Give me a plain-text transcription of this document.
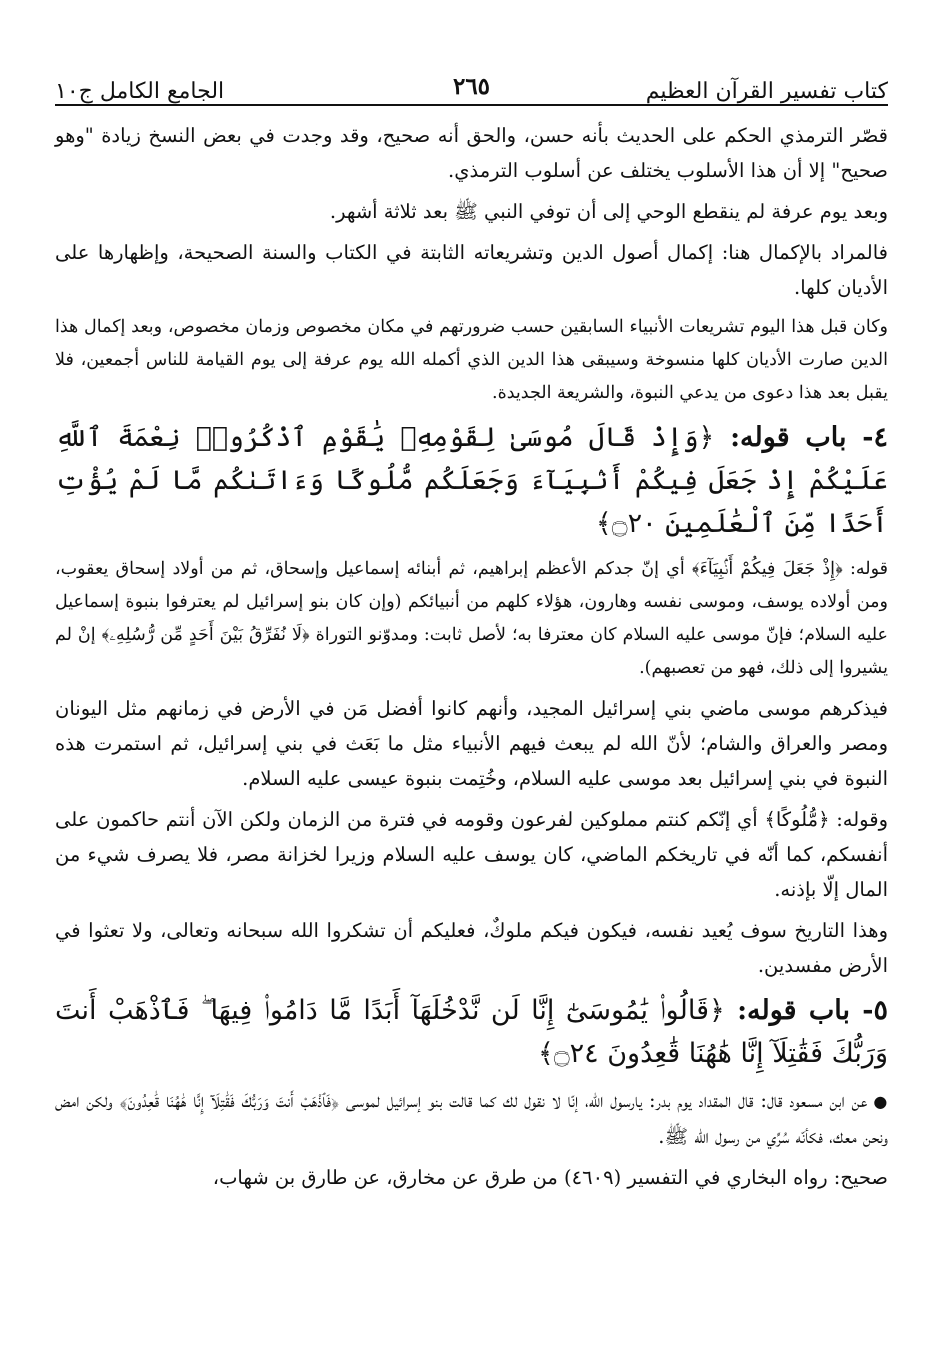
كتاب تفسير القرآن العظيم
٢٦٥
الجامع الكامل ج١٠

قصّر الترمذي الحكم على الحديث بأنه حسن، والحق أنه صحيح، وقد وجدت في بعض النسخ زيادة "وهو صحيح" إلا أن هذا الأسلوب يختلف عن أسلوب الترمذي.

وبعد يوم عرفة لم ينقطع الوحي إلى أن توفي النبي ﷺ بعد ثلاثة أشهر.

فالمراد بالإكمال هنا: إكمال أصول الدين وتشريعاته الثابتة في الكتاب والسنة الصحيحة، وإظهارها على الأديان كلها.

وكان قبل هذا اليوم تشريعات الأنبياء السابقين حسب ضرورتهم في مكان مخصوص وزمان مخصوص، وبعد إكمال هذا الدين صارت الأديان كلها منسوخة وسيبقى هذا الدين الذي أكمله الله يوم عرفة إلى يوم القيامة للناس أجمعين، فلا يقبل بعد هذا دعوى من يدعي النبوة، والشريعة الجديدة.

٤- باب قوله: ﴿وَإِذْ قَالَ مُوسَىٰ لِقَوْمِهِۦ يَٰقَوْمِ ٱذْكُرُوا۟ نِعْمَةَ ٱللَّهِ عَلَيْكُمْ إِذْ جَعَلَ فِيكُمْ أَنۢبِيَآءَ وَجَعَلَكُم مُّلُوكًا وَءَاتَىٰكُم مَّا لَمْ يُؤْتِ أَحَدًا مِّنَ ٱلْعَٰلَمِينَ ۝٢٠﴾

قوله: ﴿إِذْ جَعَلَ فِيكُمْ أَنۢبِيَآءَ﴾ أي إنّ جدكم الأعظم إبراهيم، ثم أبنائه إسماعيل وإسحاق، ثم من أولاد إسحاق يعقوب، ومن أولاده يوسف، وموسى نفسه وهارون، هؤلاء كلهم من أنبيائكم (وإن كان بنو إسرائيل لم يعترفوا بنبوة إسماعيل عليه السلام؛ فإنّ موسى عليه السلام كان معترفا به؛ لأصل ثابت: ومدوّنو التوراة ﴿لَا نُفَرِّقُ بَيْنَ أَحَدٍ مِّن رُّسُلِهِۦ﴾ إنْ لم يشيروا إلى ذلك، فهو من تعصبهم).

فيذكرهم موسى ماضي بني إسرائيل المجيد، وأنهم كانوا أفضل مَن في الأرض في زمانهم مثل اليونان ومصر والعراق والشام؛ لأنّ الله لم يبعث فيهم الأنبياء مثل ما بَعَث في بني إسرائيل، ثم استمرت هذه النبوة في بني إسرائيل بعد موسى عليه السلام، وخُتِمت بنبوة عيسى عليه السلام.

وقوله: ﴿مُّلُوكًا﴾ أي إنّكم كنتم مملوكين لفرعون وقومه في فترة من الزمان ولكن الآن أنتم حاكمون على أنفسكم، كما أنّه في تاريخكم الماضي، كان يوسف عليه السلام وزيرا لخزانة مصر، فلا يصرف شيء من المال إلّا بإذنه.

وهذا التاريخ سوف يُعيد نفسه، فيكون فيكم ملوكٌ، فعليكم أن تشكروا الله سبحانه وتعالى، ولا تعثوا في الأرض مفسدين.

٥- باب قوله: ﴿قَالُوا۟ يَٰمُوسَىٰٓ إِنَّا لَن نَّدْخُلَهَآ أَبَدًا مَّا دَامُوا۟ فِيهَا ۖ فَٱذْهَبْ أَنتَ وَرَبُّكَ فَقَٰتِلَآ إِنَّا هَٰهُنَا قَٰعِدُونَ ۝٢٤﴾

●عن ابن مسعود قال: قال المقداد يوم بدر: يارسول اللّه، إنّا لا نقول لك كما قالت بنو إسرائيل لموسى ﴿فَٱذْهَبْ أَنتَ وَرَبُّكَ فَقَٰتِلَآ إِنَّا هَٰهُنَا قَٰعِدُونَ﴾ ولكن امض ونحن معك، فكأنّه سُرِّي من رسول الله ﷺ.

صحيح: رواه البخاري في التفسير (٤٦٠٩) من طرق عن مخارق، عن طارق بن شهاب،
